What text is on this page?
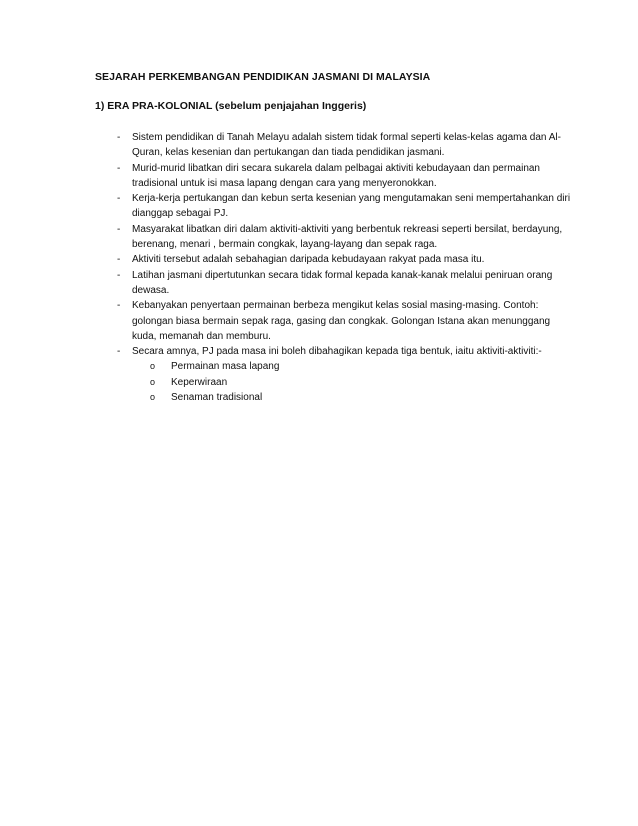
SEJARAH PERKEMBANGAN PENDIDIKAN JASMANI DI MALAYSIA
1) ERA PRA-KOLONIAL (sebelum penjajahan Inggeris)
- Sistem pendidikan di Tanah Melayu adalah sistem tidak formal seperti kelas-kelas agama dan Al-Quran, kelas kesenian dan pertukangan dan tiada pendidikan jasmani.
- Murid-murid libatkan diri secara sukarela dalam pelbagai aktiviti kebudayaan dan permainan tradisional untuk isi masa lapang dengan cara yang menyeronokkan.
- Kerja-kerja pertukangan dan kebun serta kesenian yang mengutamakan seni mempertahankan diri dianggap sebagai PJ.
- Masyarakat libatkan diri dalam aktiviti-aktiviti yang berbentuk rekreasi seperti bersilat, berdayung, berenang, menari , bermain congkak, layang-layang dan sepak raga.
- Aktiviti tersebut adalah sebahagian daripada kebudayaan rakyat pada masa itu.
- Latihan jasmani dipertutunkan secara tidak formal kepada kanak-kanak melalui peniruan orang dewasa.
- Kebanyakan penyertaan permainan berbeza mengikut kelas sosial masing-masing. Contoh: golongan biasa bermain sepak raga, gasing dan congkak. Golongan Istana akan menunggang kuda, memanah dan memburu.
- Secara amnya, PJ pada masa ini boleh dibahagikan kepada tiga bentuk, iaitu aktiviti-aktiviti:-
o Permainan masa lapang
o Keperwiraan
o Senaman tradisional
